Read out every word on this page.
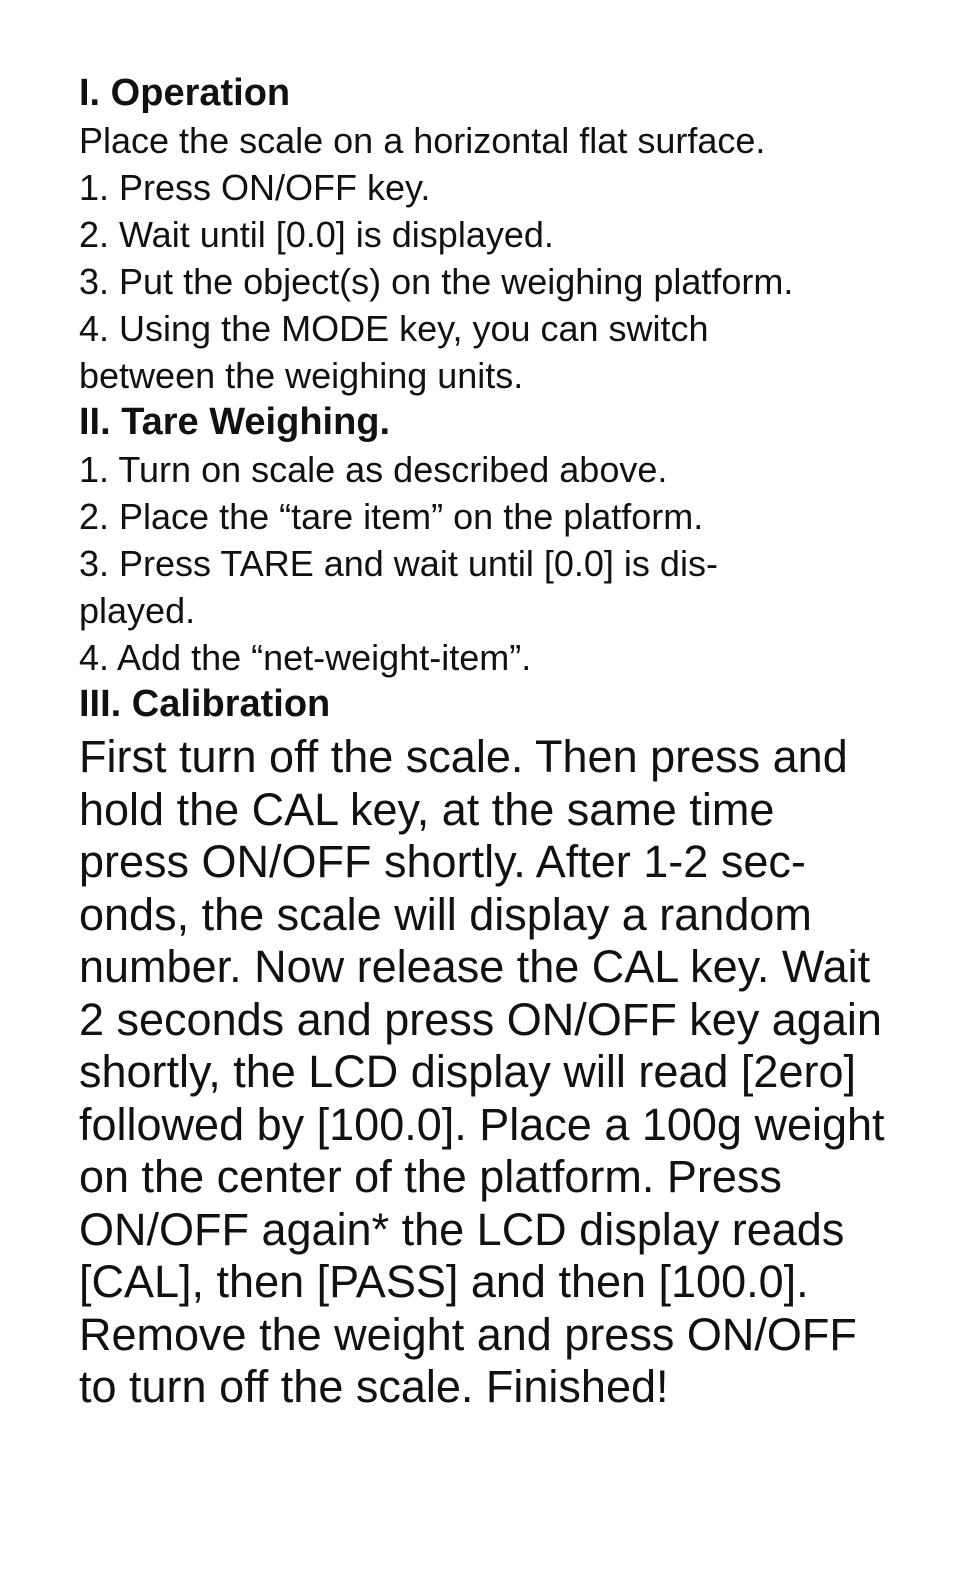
I. Operation

Place the scale on a horizontal flat surface.

1. Press ON/OFF key.

2. Wait until [0.0] is displayed.

3. Put the object(s) on the weighing platform.

4. Using the MODE key, you can switch

between the weighing units.

II. Tare Weighing.

1. Turn on scale as described above.

2. Place the “tare item” on the platform.

3. Press TARE and wait until [0.0] is dis-

played.

4. Add the “net-weight-item”.

III. Calibration

First turn off the scale. Then press and

hold the CAL key, at the same time

press ON/OFF shortly. After 1-2 sec-

onds, the scale will display a random

number. Now release the CAL key. Wait

2 seconds and press ON/OFF key again

shortly, the LCD display will read [2ero]

followed by [100.0]. Place a 100g weight

on the center of the platform. Press

ON/OFF again* the LCD display reads

[CAL], then [PASS] and then [100.0].

Remove the weight and press ON/OFF

to turn off the scale. Finished!
